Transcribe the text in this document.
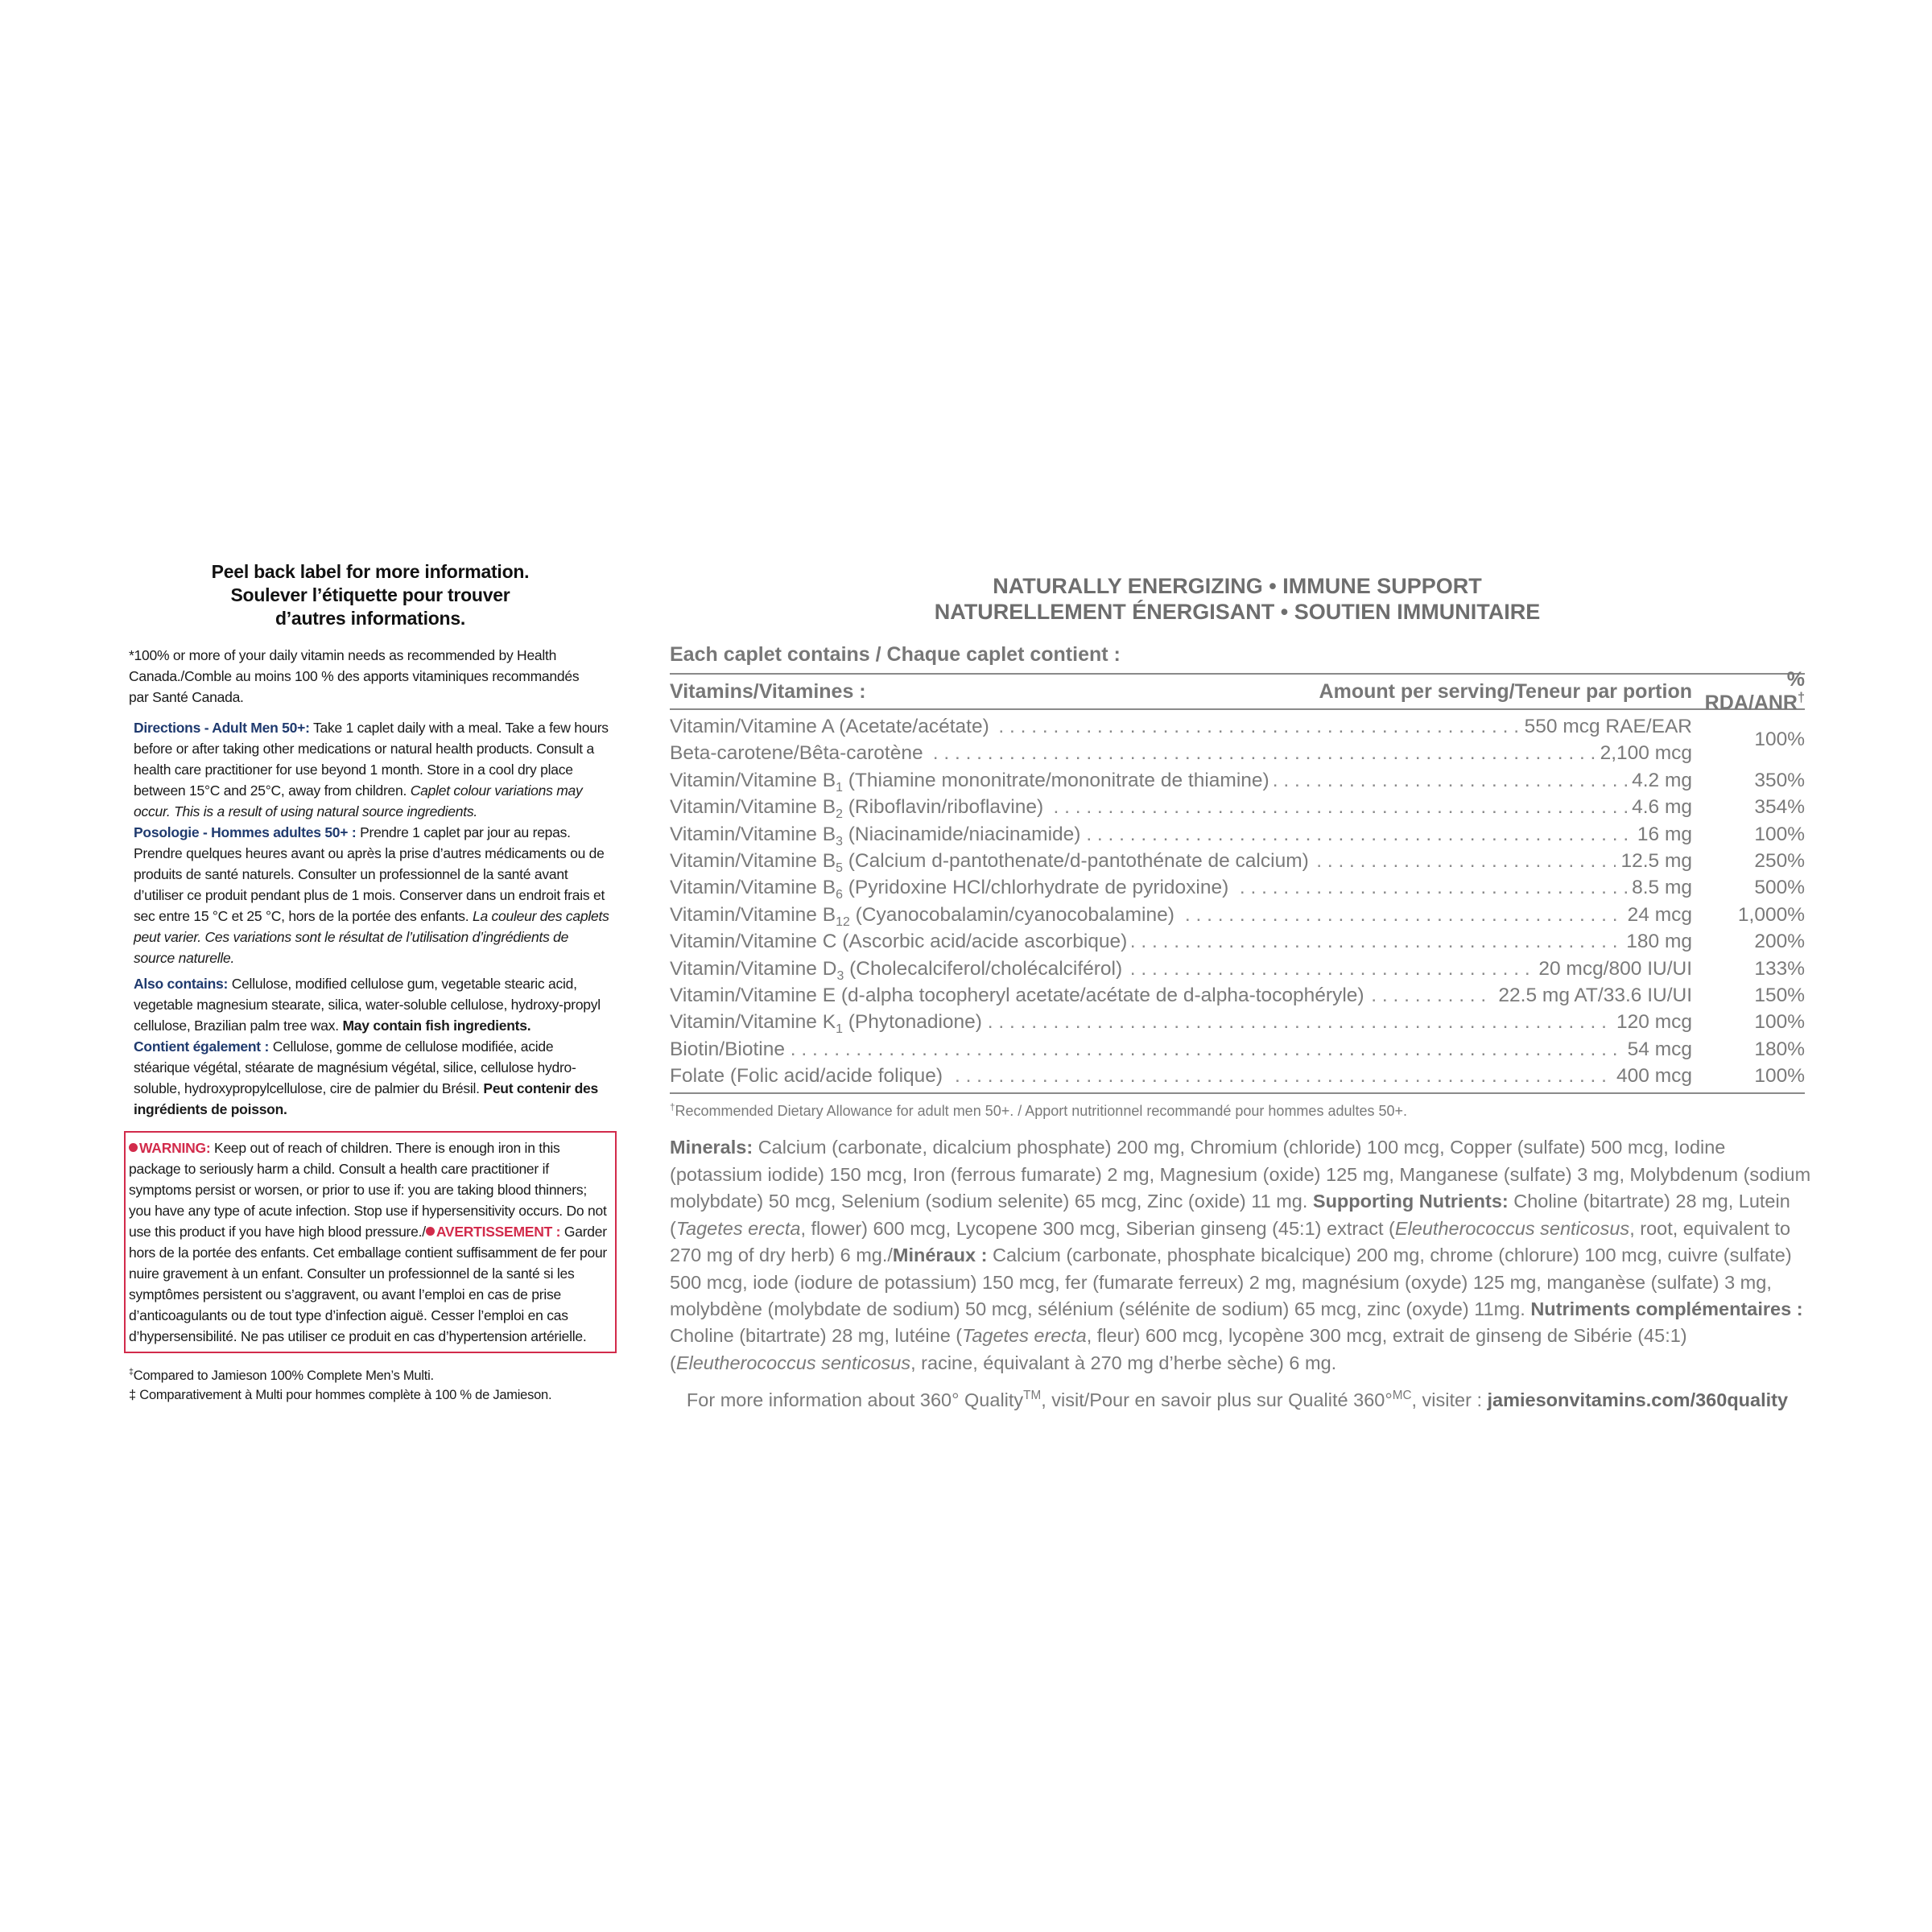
Peel back label for more information.
Soulever l’étiquette pour trouver
d’autres informations.
*100% or more of your daily vitamin needs as recommended by Health Canada./Comble au moins 100 % des apports vitaminiques recommandés par Santé Canada.
Directions - Adult Men 50+: Take 1 caplet daily with a meal. Take a few hours before or after taking other medications or natural health products. Consult a health care practitioner for use beyond 1 month. Store in a cool dry place between 15°C and 25°C, away from children. Caplet colour variations may occur. This is a result of using natural source ingredients.
Posologie - Hommes adultes 50+ : Prendre 1 caplet par jour au repas. Prendre quelques heures avant ou après la prise d’autres médicaments ou de produits de santé naturels. Consulter un professionnel de la santé avant d’utiliser ce produit pendant plus de 1 mois. Conserver dans un endroit frais et sec entre 15 °C et 25 °C, hors de la portée des enfants. La couleur des caplets peut varier. Ces variations sont le résultat de l’utilisation d’ingrédients de source naturelle.
Also contains: Cellulose, modified cellulose gum, vegetable stearic acid, vegetable magnesium stearate, silica, water-soluble cellulose, hydroxy-propyl cellulose, Brazilian palm tree wax. May contain fish ingredients.
Contient également : Cellulose, gomme de cellulose modifiée, acide stéarique végétal, stéarate de magnésium végétal, silice, cellulose hydro-soluble, hydroxypropylcellulose, cire de palmier du Brésil. Peut contenir des ingrédients de poisson.
WARNING: Keep out of reach of children. There is enough iron in this package to seriously harm a child. Consult a health care practitioner if symptoms persist or worsen, or prior to use if: you are taking blood thinners; you have any type of acute infection. Stop use if hypersensitivity occurs. Do not use this product if you have high blood pressure./ AVERTISSEMENT : Garder hors de la portée des enfants. Cet emballage contient suffisamment de fer pour nuire gravement à un enfant. Consulter un professionnel de la santé si les symptômes persistent ou s’aggravent, ou avant l’emploi en cas de prise d’anticoagulants ou de tout type d’infection aiguë. Cesser l’emploi en cas d’hypersensibilité. Ne pas utiliser ce produit en cas d’hypertension artérielle.
‡Compared to Jamieson 100% Complete Men’s Multi.
‡ Comparativement à Multi pour hommes complète à 100 % de Jamieson.
NATURALLY ENERGIZING • IMMUNE SUPPORT
NATURELLEMENT ÉNERGISANT • SOUTIEN IMMUNITAIRE
Each caplet contains / Chaque caplet contient :
Vitamins/Vitamines :	Amount per serving/Teneur par portion
% RDA/ANR†
Vitamin/Vitamine A (Acetate/acétate) . . .	550 mcg RAE/EAR
Beta-carotene/Bêta-carotène . . .	2,100 mcg
100%
Vitamin/Vitamine $B_1$ (Thiamine mononitrate/mononitrate de thiamine) . . .	4.2 mg	350%
Vitamin/Vitamine $B_2$ (Riboflavin/riboflavine) . . .	4.6 mg	354%
Vitamin/Vitamine $B_3$ (Niacinamide/niacinamide) . . .	16 mg	100%
Vitamin/Vitamine $B_5$ (Calcium d-pantothenate/d-pantothénate de calcium) . . .	12.5 mg	250%
Vitamin/Vitamine $B_6$ (Pyridoxine HCl/chlorhydrate de pyridoxine) . . .	8.5 mg	500%
Vitamin/Vitamine $B_{12}$ (Cyanocobalamin/cyanocobalamine) . . .	24 mcg	1,000%
Vitamin/Vitamine C (Ascorbic acid/acide ascorbique) . . .	180 mg	200%
Vitamin/Vitamine $D_3$ (Cholecalciferol/cholécalciférol) . . .	20 mcg/800 IU/UI	133%
Vitamin/Vitamine E (d-alpha tocopheryl acetate/acétate de d-alpha-tocophéryle) . . .	22.5 mg AT/33.6 IU/UI	150%
Vitamin/Vitamine $K_1$ (Phytonadione) . . .	120 mcg	100%
Biotin/Biotine . . .	54 mcg	180%
Folate (Folic acid/acide folique) . . .	400 mcg	100%
†Recommended Dietary Allowance for adult men 50+. / Apport nutritionnel recommandé pour hommes adultes 50+.
Minerals: Calcium (carbonate, dicalcium phosphate) 200 mg, Chromium (chloride) 100 mcg, Copper (sulfate) 500 mcg, Iodine (potassium iodide) 150 mcg, Iron (ferrous fumarate) 2 mg, Magnesium (oxide) 125 mg, Manganese (sulfate) 3 mg, Molybdenum (sodium molybdate) 50 mcg, Selenium (sodium selenite) 65 mcg, Zinc (oxide) 11 mg. Supporting Nutrients: Choline (bitartrate) 28 mg, Lutein (Tagetes erecta, flower) 600 mcg, Lycopene 300 mcg, Siberian ginseng (45:1) extract (Eleutherococcus senticosus, root, equivalent to 270 mg of dry herb) 6 mg./Minéraux : Calcium (carbonate, phosphate bicalcique) 200 mg, chrome (chlorure) 100 mcg, cuivre (sulfate) 500 mcg, iode (iodure de potassium) 150 mcg, fer (fumarate ferreux) 2 mg, magnésium (oxyde) 125 mg, manganèse (sulfate) 3 mg, molybdène (molybdate de sodium) 50 mcg, sélénium (sélénite de sodium) 65 mcg, zinc (oxyde) 11mg. Nutriments complémentaires : Choline (bitartrate) 28 mg, lutéine (Tagetes erecta, fleur) 600 mcg, lycopène 300 mcg, extrait de ginseng de Sibérie (45:1) (Eleutherococcus senticosus, racine, équivalant à 270 mg d’herbe sèche) 6 mg.
For more information about 360° Quality™, visit/Pour en savoir plus sur Qualité 360°$^{MC}$, visiter : jamiesonvitamins.com/360quality
